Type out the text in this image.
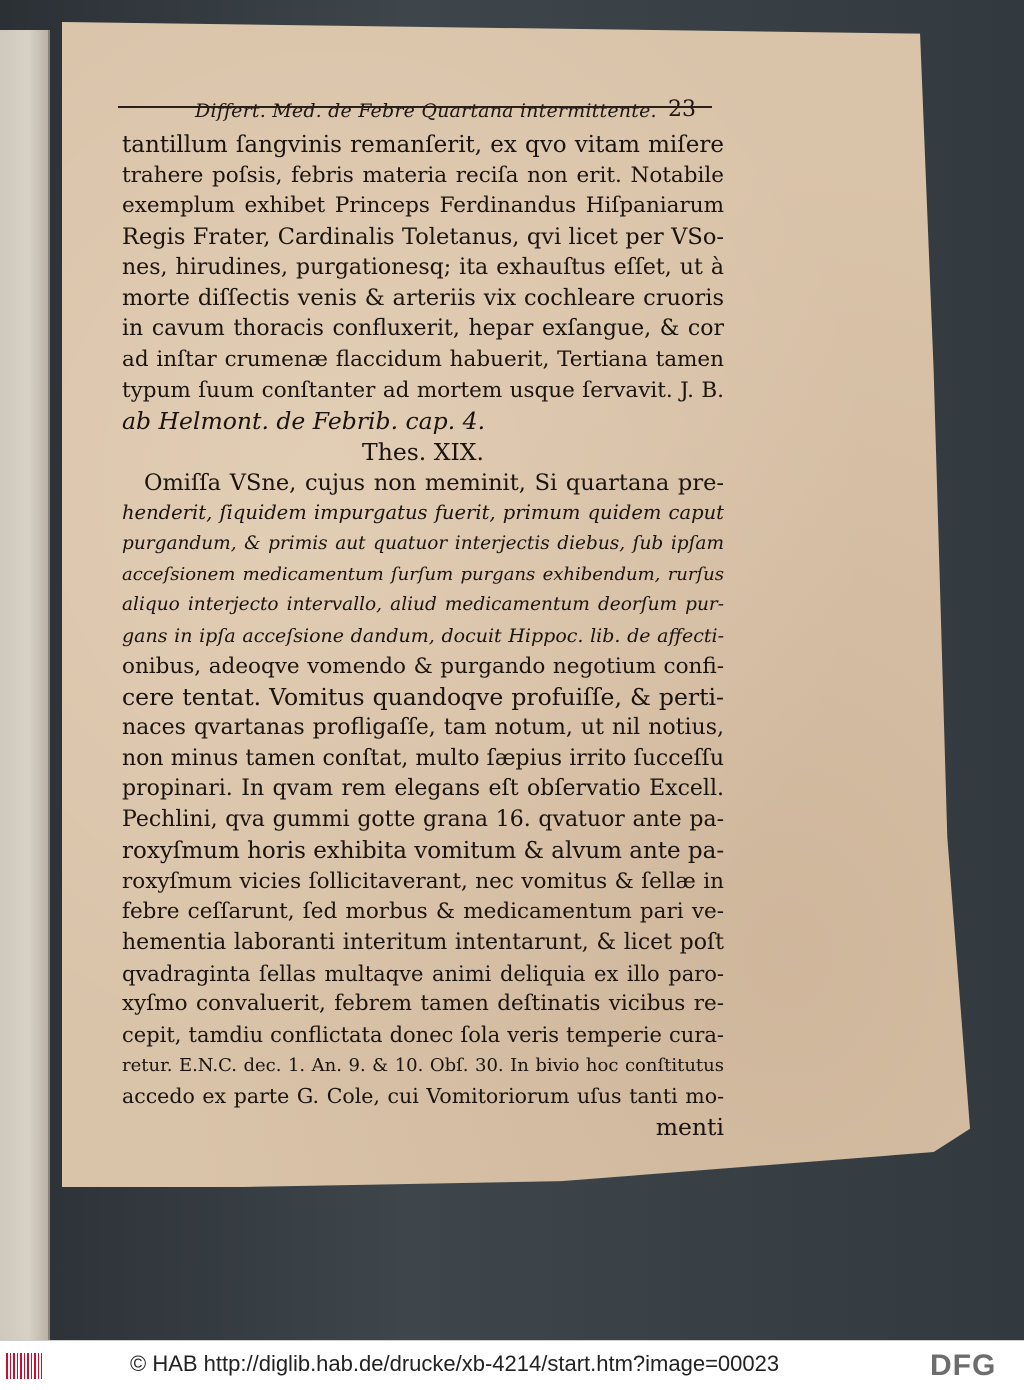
Differt. Med. de Febre Quartana intermittente. 23
tantillum ſangvinis remanſerit, ex qvo vitam miſere
trahere poſsis, febris materia reciſa non erit. Notabile
exemplum exhibet Princeps Ferdinandus Hiſpaniarum
Regis Frater, Cardinalis Toletanus, qvi licet per VSo-
nes, hirudines, purgationesq; ita exhauſtus eſſet, ut à
morte diſſectis venis & arteriis vix cochleare cruoris
in cavum thoracis confluxerit, hepar exſangue, & cor
ad inſtar crumenæ flaccidum habuerit, Tertiana tamen
typum ſuum conſtanter ad mortem usque ſervavit. J. B.
ab Helmont. de Febrib. cap. 4.
Thes. XIX.
Omiſſa VSne, cujus non meminit, Si quartana pre-
henderit, ſiquidem impurgatus fuerit, primum quidem caput
purgandum, & primis aut quatuor interjectis diebus, ſub ipſam
acceſsionem medicamentum ſurſum purgans exhibendum, rurſus
aliquo interjecto intervallo, aliud medicamentum deorſum pur-
gans in ipſa acceſsione dandum, docuit Hippoc. lib. de affecti-
onibus, adeoqve vomendo & purgando negotium confi-
cere tentat. Vomitus quandoqve profuiſſe, & perti-
naces qvartanas profligaſſe, tam notum, ut nil notius,
non minus tamen conſtat, multo ſæpius irrito ſucceſſu
propinari. In qvam rem elegans eſt obſervatio Excell.
Pechlini, qva gummi gotte grana 16. qvatuor ante pa-
roxyſmum horis exhibita vomitum & alvum ante pa-
roxyſmum vicies ſollicitaverant, nec vomitus & ſellæ in
febre ceſſarunt, ſed morbus & medicamentum pari ve-
hementia laboranti interitum intentarunt, & licet poſt
qvadraginta ſellas multaqve animi deliquia ex illo paro-
xyſmo convaluerit, febrem tamen deſtinatis vicibus re-
cepit, tamdiu conflictata donec ſola veris temperie cura-
retur. E.N.C. dec. 1. An. 9. & 10. Obſ. 30. In bivio hoc conſtitutus
accedo ex parte G. Cole, cui Vomitoriorum uſus tanti mo-
menti
© HAB http://diglib.hab.de/drucke/xb-4214/start.htm?image=00023	DFG
